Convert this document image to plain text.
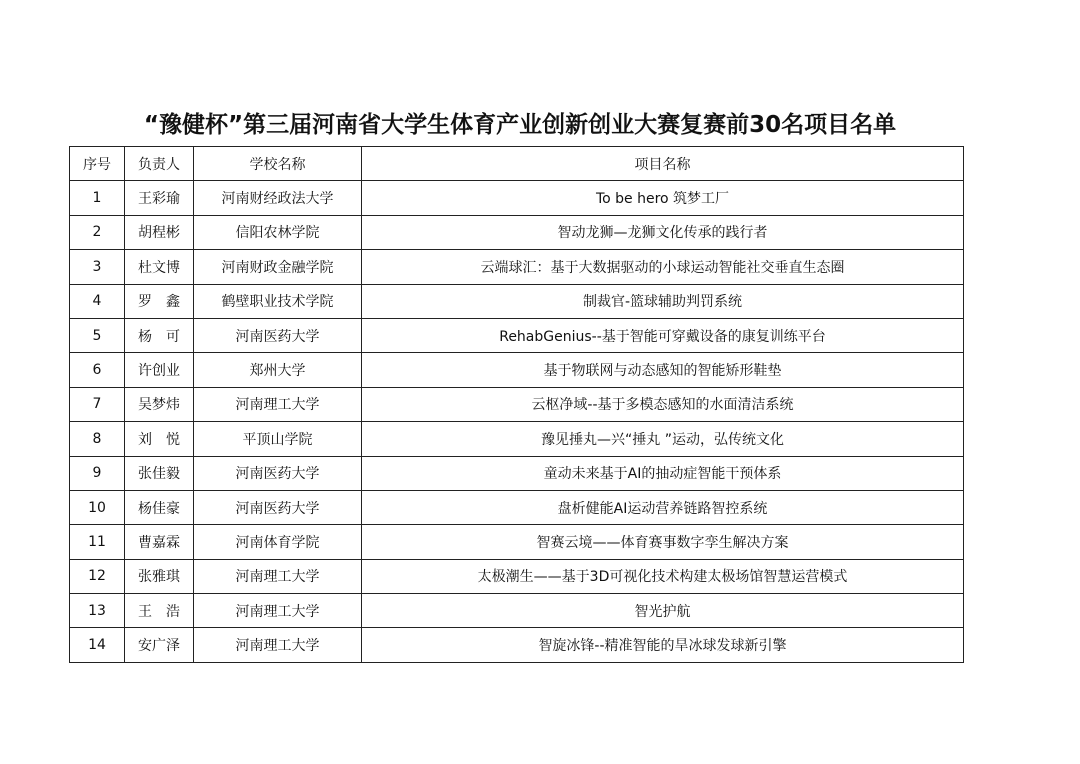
“豫健杯”第三届河南省大学生体育产业创新创业大赛复赛前30名项目名单
序号	负责人	学校名称	项目名称
1	王彩瑜	河南财经政法大学	To be hero 筑梦工厂
2	胡程彬	信阳农林学院	智动龙狮—龙狮文化传承的践行者
3	杜文博	河南财政金融学院	云端球汇：基于大数据驱动的小球运动智能社交垂直生态圈
4	罗　鑫	鹤壁职业技术学院	制裁官-篮球辅助判罚系统
5	杨　可	河南医药大学	RehabGenius--基于智能可穿戴设备的康复训练平台
6	许创业	郑州大学	基于物联网与动态感知的智能矫形鞋垫
7	吴梦炜	河南理工大学	云枢净域--基于多模态感知的水面清洁系统
8	刘　悦	平顶山学院	豫见捶丸—兴“捶丸 ”运动，弘传统文化
9	张佳毅	河南医药大学	童动未来基于AI的抽动症智能干预体系
10	杨佳豪	河南医药大学	盘析健能AI运动营养链路智控系统
11	曹嘉霖	河南体育学院	智赛云境——体育赛事数字孪生解决方案
12	张雅琪	河南理工大学	太极潮生——基于3D可视化技术构建太极场馆智慧运营模式
13	王　浩	河南理工大学	智光护航
14	安广泽	河南理工大学	智旋冰锋--精准智能的旱冰球发球新引擎
